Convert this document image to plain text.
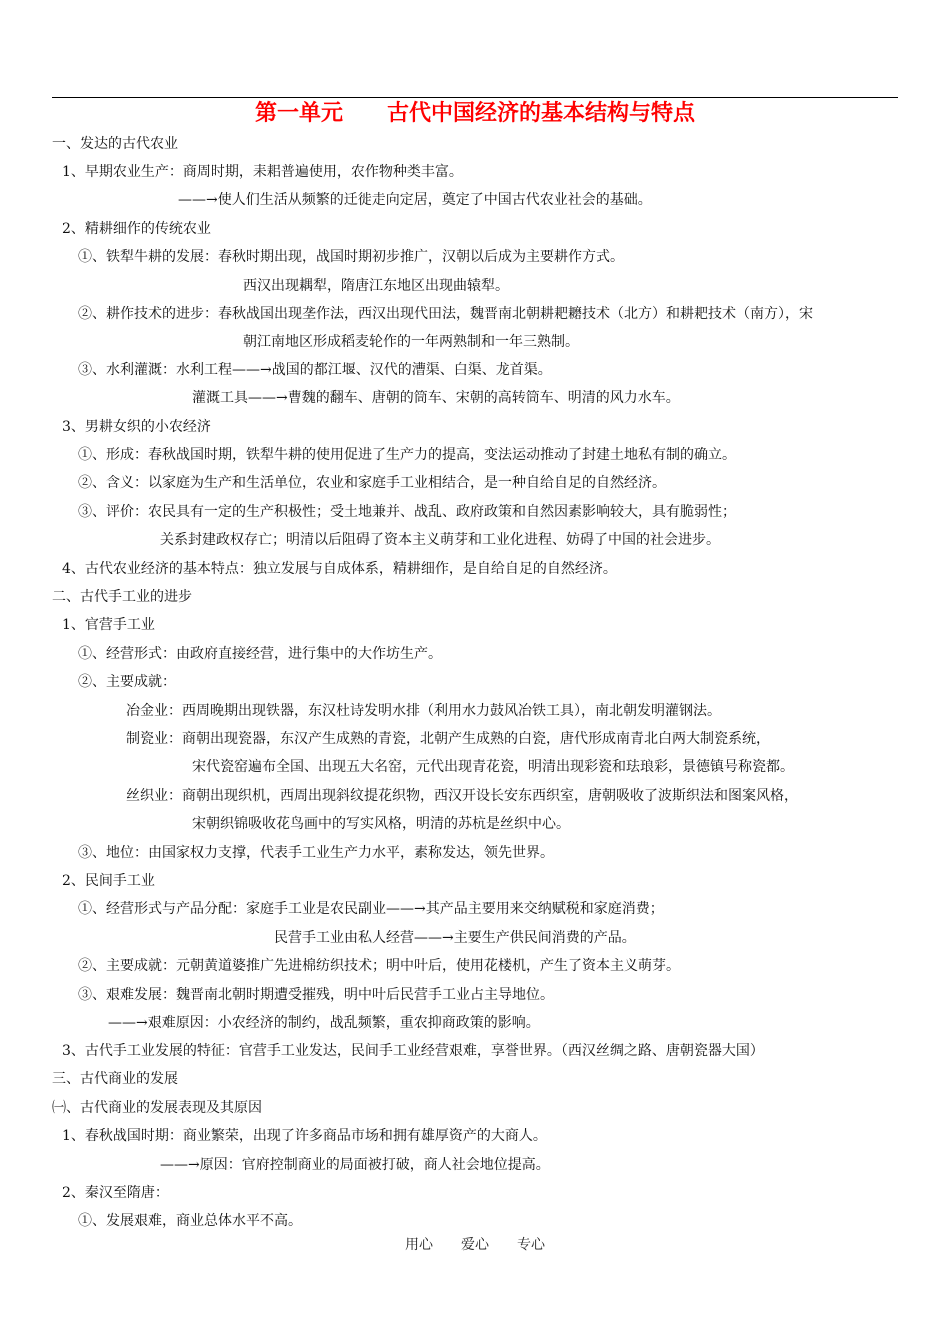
第一单元　　古代中国经济的基本结构与特点
一、发达的古代农业
1、早期农业生产：商周时期，耒耜普遍使用，农作物种类丰富。
——→使人们生活从频繁的迁徙走向定居，奠定了中国古代农业社会的基础。
2、精耕细作的传统农业
①、铁犁牛耕的发展：春秋时期出现，战国时期初步推广，汉朝以后成为主要耕作方式。
西汉出现耦犁，隋唐江东地区出现曲辕犁。
②、耕作技术的进步：春秋战国出现垄作法，西汉出现代田法，魏晋南北朝耕耙耱技术（北方）和耕耙技术（南方），宋
朝江南地区形成稻麦轮作的一年两熟制和一年三熟制。
③、水利灌溉：水利工程——→战国的都江堰、汉代的漕渠、白渠、龙首渠。
灌溉工具——→曹魏的翻车、唐朝的筒车、宋朝的高转筒车、明清的风力水车。
3、男耕女织的小农经济
①、形成：春秋战国时期，铁犁牛耕的使用促进了生产力的提高，变法运动推动了封建土地私有制的确立。
②、含义：以家庭为生产和生活单位，农业和家庭手工业相结合，是一种自给自足的自然经济。
③、评价：农民具有一定的生产积极性；受土地兼并、战乱、政府政策和自然因素影响较大，具有脆弱性；
关系封建政权存亡；明清以后阻碍了资本主义萌芽和工业化进程、妨碍了中国的社会进步。
4、古代农业经济的基本特点：独立发展与自成体系，精耕细作，是自给自足的自然经济。
二、古代手工业的进步
1、官营手工业
①、经营形式：由政府直接经营，进行集中的大作坊生产。
②、主要成就：
冶金业：西周晚期出现铁器，东汉杜诗发明水排（利用水力鼓风冶铁工具），南北朝发明灌钢法。
制瓷业：商朝出现瓷器，东汉产生成熟的青瓷，北朝产生成熟的白瓷，唐代形成南青北白两大制瓷系统，
宋代瓷窑遍布全国、出现五大名窑，元代出现青花瓷，明清出现彩瓷和珐琅彩，景德镇号称瓷都。
丝织业：商朝出现织机，西周出现斜纹提花织物，西汉开设长安东西织室，唐朝吸收了波斯织法和图案风格，
宋朝织锦吸收花鸟画中的写实风格，明清的苏杭是丝织中心。
③、地位：由国家权力支撑，代表手工业生产力水平，素称发达，领先世界。
2、民间手工业
①、经营形式与产品分配：家庭手工业是农民副业——→其产品主要用来交纳赋税和家庭消费；
民营手工业由私人经营——→主要生产供民间消费的产品。
②、主要成就：元朝黄道婆推广先进棉纺织技术；明中叶后，使用花楼机，产生了资本主义萌芽。
③、艰难发展：魏晋南北朝时期遭受摧残，明中叶后民营手工业占主导地位。
——→艰难原因：小农经济的制约，战乱频繁，重农抑商政策的影响。
3、古代手工业发展的特征：官营手工业发达，民间手工业经营艰难，享誉世界。（西汉丝绸之路、唐朝瓷器大国）
三、古代商业的发展
㈠、古代商业的发展表现及其原因
1、春秋战国时期：商业繁荣，出现了许多商品市场和拥有雄厚资产的大商人。
——→原因：官府控制商业的局面被打破，商人社会地位提高。
2、秦汉至隋唐：
①、发展艰难，商业总体水平不高。
用心　　爱心　　专心
